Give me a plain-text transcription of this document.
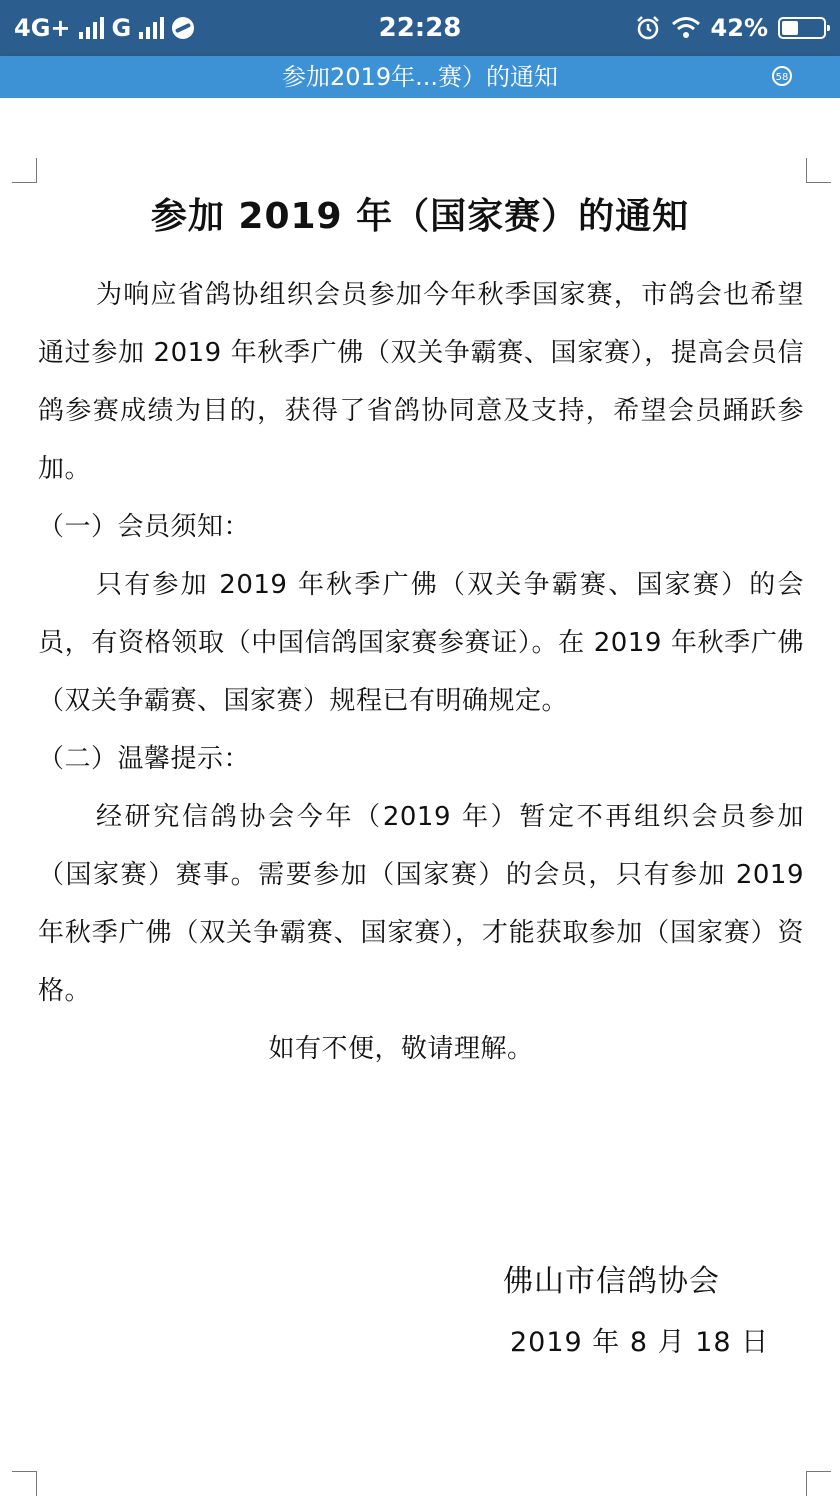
4G+ G	22:28	42%
参加2019年...赛）的通知	58
参加 2019 年（国家赛）的通知

为响应省鸽协组织会员参加今年秋季国家赛，市鸽会也希望通过参加 2019 年秋季广佛（双关争霸赛、国家赛），提高会员信鸽参赛成绩为目的，获得了省鸽协同意及支持，希望会员踊跃参加。

（一）会员须知：

只有参加 2019 年秋季广佛（双关争霸赛、国家赛）的会员，有资格领取（中国信鸽国家赛参赛证）。在 2019 年秋季广佛（双关争霸赛、国家赛）规程已有明确规定。

（二）温馨提示：

经研究信鸽协会今年（2019 年）暂定不再组织会员参加（国家赛）赛事。需要参加（国家赛）的会员，只有参加 2019 年秋季广佛（双关争霸赛、国家赛），才能获取参加（国家赛）资格。

如有不便，敬请理解。

佛山市信鸽协会
2019 年 8 月 18 日
